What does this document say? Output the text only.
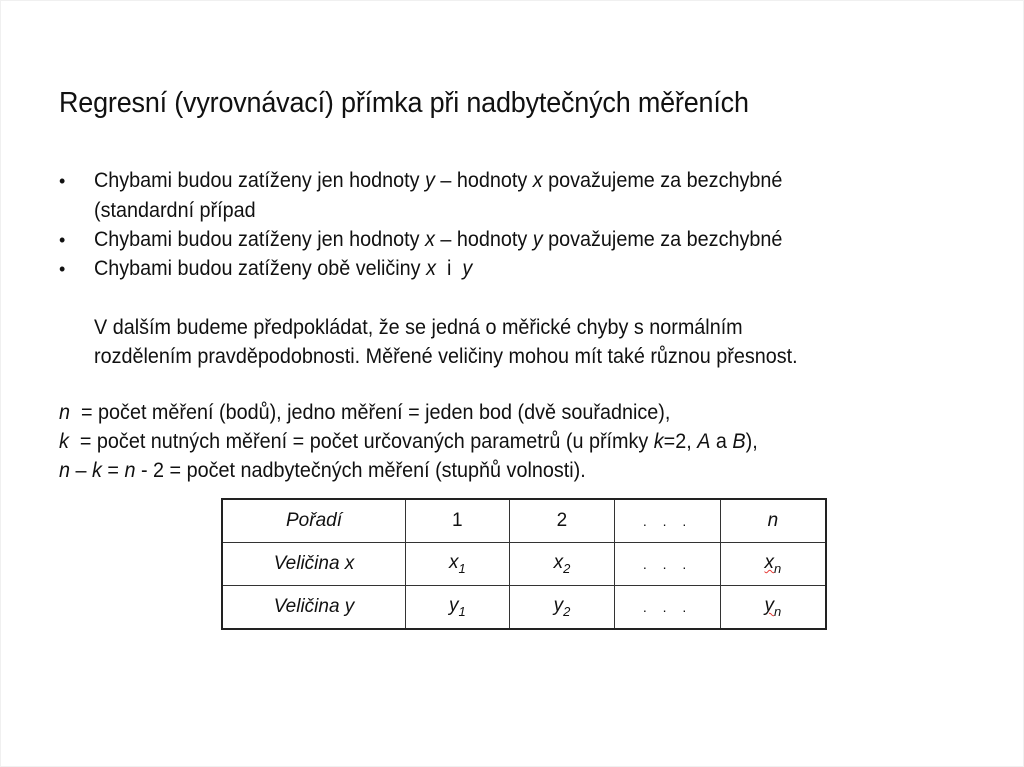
Regresní (vyrovnávací) přímka při nadbytečných měřeních
• Chybami budou zatíženy jen hodnoty y – hodnoty x považujeme za bezchybné
(standardní případ
• Chybami budou zatíženy jen hodnoty x – hodnoty y považujeme za bezchybné
• Chybami budou zatíženy obě veličiny x  i  y
V dalším budeme předpokládat, že se jedná o měřické chyby s normálním
rozdělením pravděpodobnosti. Měřené veličiny mohou mít také různou přesnost.
n  = počet měření (bodů), jedno měření = jeden bod (dvě souřadnice),
k  = počet nutných měření = počet určovaných parametrů (u přímky k=2, A a B),
n – k = n - 2 = počet nadbytečných měření (stupňů volnosti).
Pořadí	1	2	. . .	n
Veličina x	$x_1$	$x_2$	. . .	$x_n$
Veličina y	$y_1$	$y_2$	. . .	$y_n$
